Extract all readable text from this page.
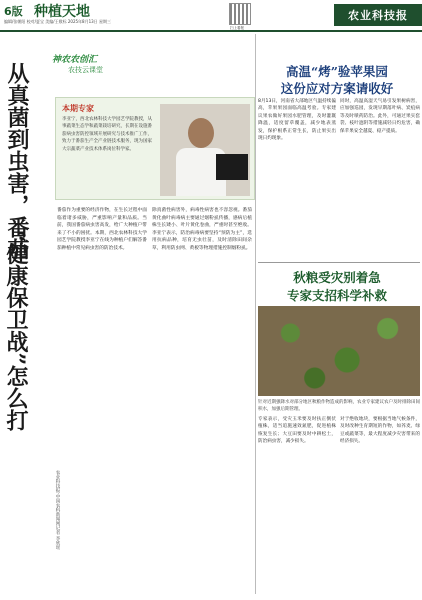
6版 种植天地
编辑/张朝阳 校对/夏宝 美编/王敬标 2025年8月13日 星期三
扫上看报
农业科技报
从真菌到虫害，番茄
神农农创汇
农技云课堂
本期专家
李亚宁，西北农林科技大学园艺学院教授，从事蔬菜生态学和蔬菜栽培研究，长期在设施番茄病虫害防控领域开展研究与技术推广工作，致力于番茄生产全产业链技术服务，现为国家大宗蔬菜产业技术体系岗位科学家。
番茄作为重要的经济作物，在生长过程中面临着诸多威胁，严重影响产量和品质。当前，我国番茄病虫害高发，给广大种植户带来了不小的困扰。本期，西北农林科技大学园艺学院教授李亚宁在线为种植户们解答番茄种植中常见病虫害的防治技术。
除真菌性病害外，病毒性病害也不容忽视。番茄黄化曲叶病毒病主要通过烟粉虱传播，感病后植株生长矮小、叶片黄化卷曲，严重时甚至绝收。李亚宁表示，防治病毒病要坚持“预防为主”，选用抗病品种，培育无虫壮苗，及时清除田间杂草，利用防虫网、黄板等物理措施控制烟粉虱。
“健康保卫战”怎么打
农业科技报·中国农科新闻网记者 李欣瑶
高温“烤”验苹果园
这份应对方案请收好
8月13日，河南省大部地区气温持续偏高，苹果果园面临高温考验。专家建议果农做好果园水肥管理，及时灌溉降温，适度留草覆盖，减少地表蒸发，保护根系正常生长，防止果实出现日灼现象。
同时，高温高湿天气易引发果树病害，应加强巡园，发现早期落叶病、炭疽病等及时喷药防治。此外，可通过果实套袋、枝叶遮阴等措施减轻日灼危害，确保苹果安全越夏、稳产提质。
秋粮受灾别着急
专家支招科学补救
针对近期强降水对部分地区秋粮作物造成的影响，农业专家建议农户及时排除田间积水，加强后期管理。
专家表示，受灾玉米要及时扶正倒伏植株，适当追施速效氮肥，促进植株恢复生长；大豆田要及时中耕松土，防治病虫害，减少损失。
对于绝收地块，要根据当地气候条件，及时改种生育期短的作物，如荞麦、绿豆或蔬菜等，最大程度减少灾害带来的经济损失。
